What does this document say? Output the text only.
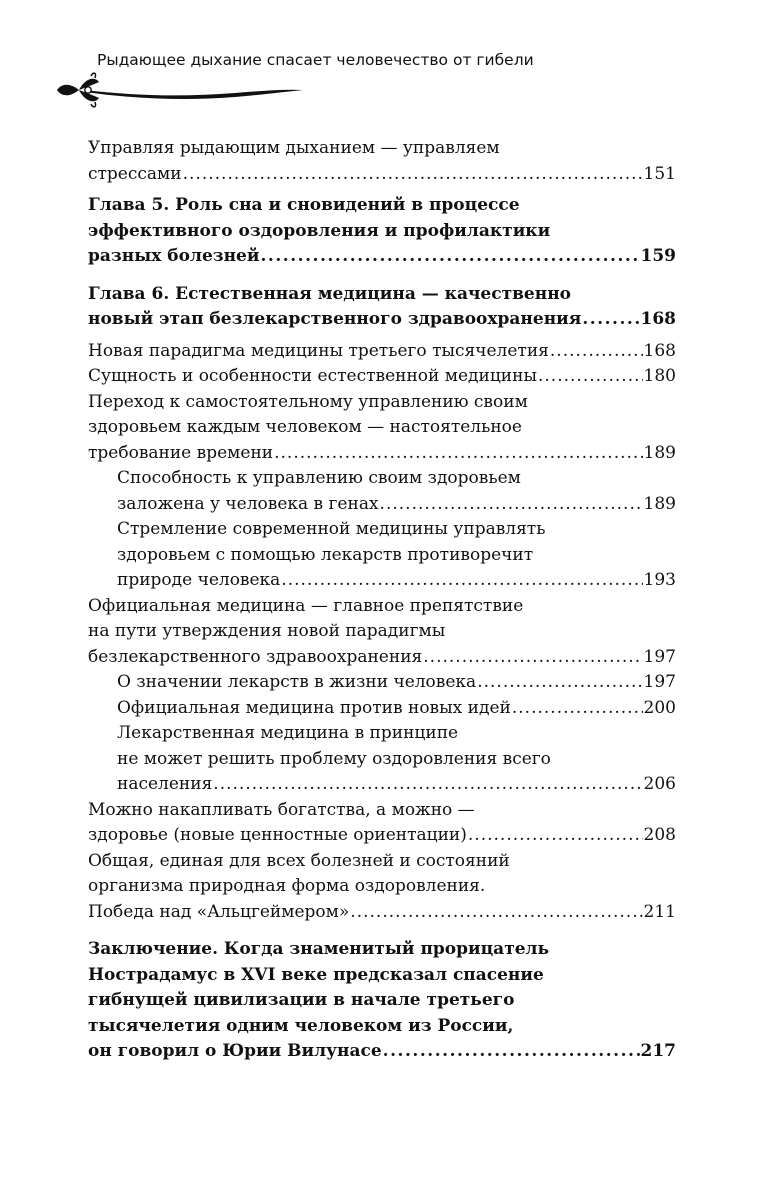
Рыдающее дыхание спасает человечество от гибели
Управляя рыдающим дыханием — управляем
стрессами . . .	151
Глава 5. Роль сна и сновидений в процессе
эффективного оздоровления и профилактики
разных болезней . . .	159
Глава 6. Естественная медицина — качественно
новый этап безлекарственного здравоохранения . . .	168
Новая парадигма медицины третьего тысячелетия . . .	168
Сущность и особенности естественной медицины . . .	180
Переход к самостоятельному управлению своим
здоровьем каждым человеком — настоятельное
требование времени . . .	189
Способность к управлению своим здоровьем
заложена у человека в генах . . .	189
Стремление современной медицины управлять
здоровьем с помощью лекарств противоречит
природе человека . . .	193
Официальная медицина — главное препятствие
на пути утверждения новой парадигмы
безлекарственного здравоохранения . . .	197
О значении лекарств в жизни человека . . .	197
Официальная медицина против новых идей . . .	200
Лекарственная медицина в принципе
не может решить проблему оздоровления всего
населения . . .	206
Можно накапливать богатства, а можно —
здоровье (новые ценностные ориентации) . . .	208
Общая, единая для всех болезней и состояний
организма природная форма оздоровления.
Победа над «Альцгеймером» . . .	211
Заключение. Когда знаменитый прорицатель
Нострадамус в XVI веке предсказал спасение
гибнущей цивилизации в начале третьего
тысячелетия одним человеком из России,
он говорил о Юрии Вилунасе . . .	217
